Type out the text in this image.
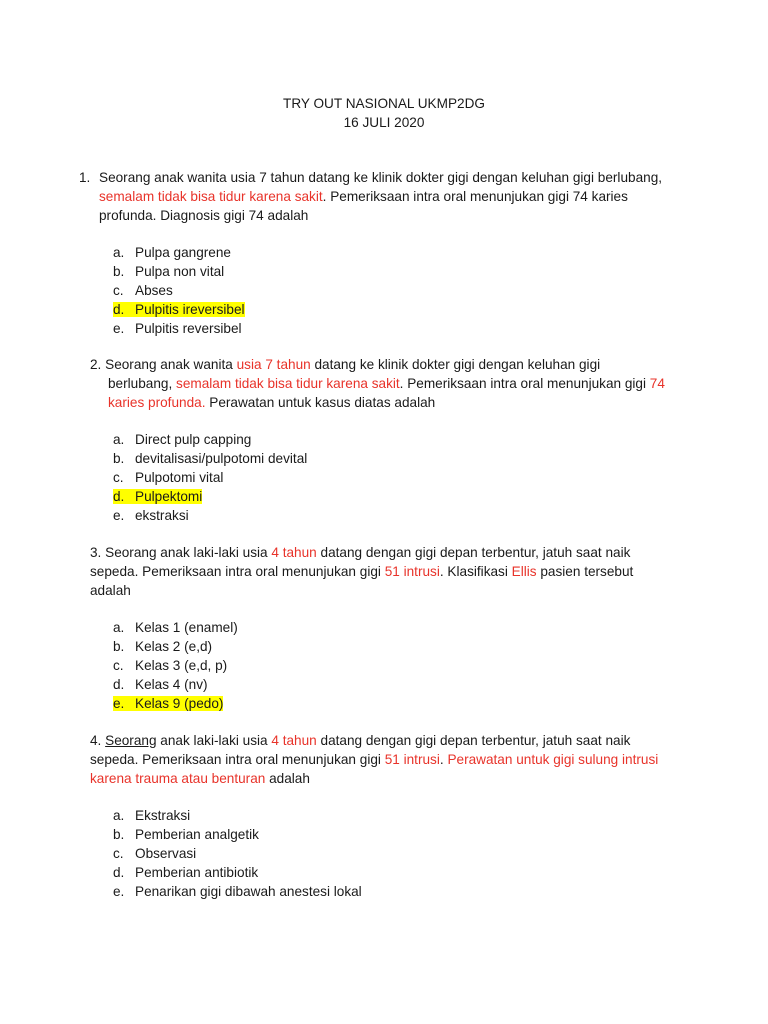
TRY OUT NASIONAL UKMP2DG
16 JULI 2020
1. Seorang anak wanita usia 7 tahun datang ke klinik dokter gigi dengan keluhan gigi berlubang,
semalam tidak bisa tidur karena sakit. Pemeriksaan intra oral menunjukan gigi 74 karies
profunda. Diagnosis gigi 74 adalah
a. Pulpa gangrene
b. Pulpa non vital
c. Abses
d. Pulpitis ireversibel
e. Pulpitis reversibel
2. Seorang anak wanita usia 7 tahun datang ke klinik dokter gigi dengan keluhan gigi
berlubang, semalam tidak bisa tidur karena sakit. Pemeriksaan intra oral menunjukan gigi 74
karies profunda. Perawatan untuk kasus diatas adalah
a. Direct pulp capping
b. devitalisasi/pulpotomi devital
c. Pulpotomi vital
d. Pulpektomi
e. ekstraksi
3. Seorang anak laki-laki usia 4 tahun datang dengan gigi depan terbentur, jatuh saat naik
sepeda. Pemeriksaan intra oral menunjukan gigi 51 intrusi. Klasifikasi Ellis pasien tersebut
adalah
a. Kelas 1 (enamel)
b. Kelas 2 (e,d)
c. Kelas 3 (e,d, p)
d. Kelas 4 (nv)
e. Kelas 9 (pedo)
4. Seorang anak laki-laki usia 4 tahun datang dengan gigi depan terbentur, jatuh saat naik
sepeda. Pemeriksaan intra oral menunjukan gigi 51 intrusi. Perawatan untuk gigi sulung intrusi
karena trauma atau benturan adalah
a. Ekstraksi
b. Pemberian analgetik
c. Observasi
d. Pemberian antibiotik
e. Penarikan gigi dibawah anestesi lokal
